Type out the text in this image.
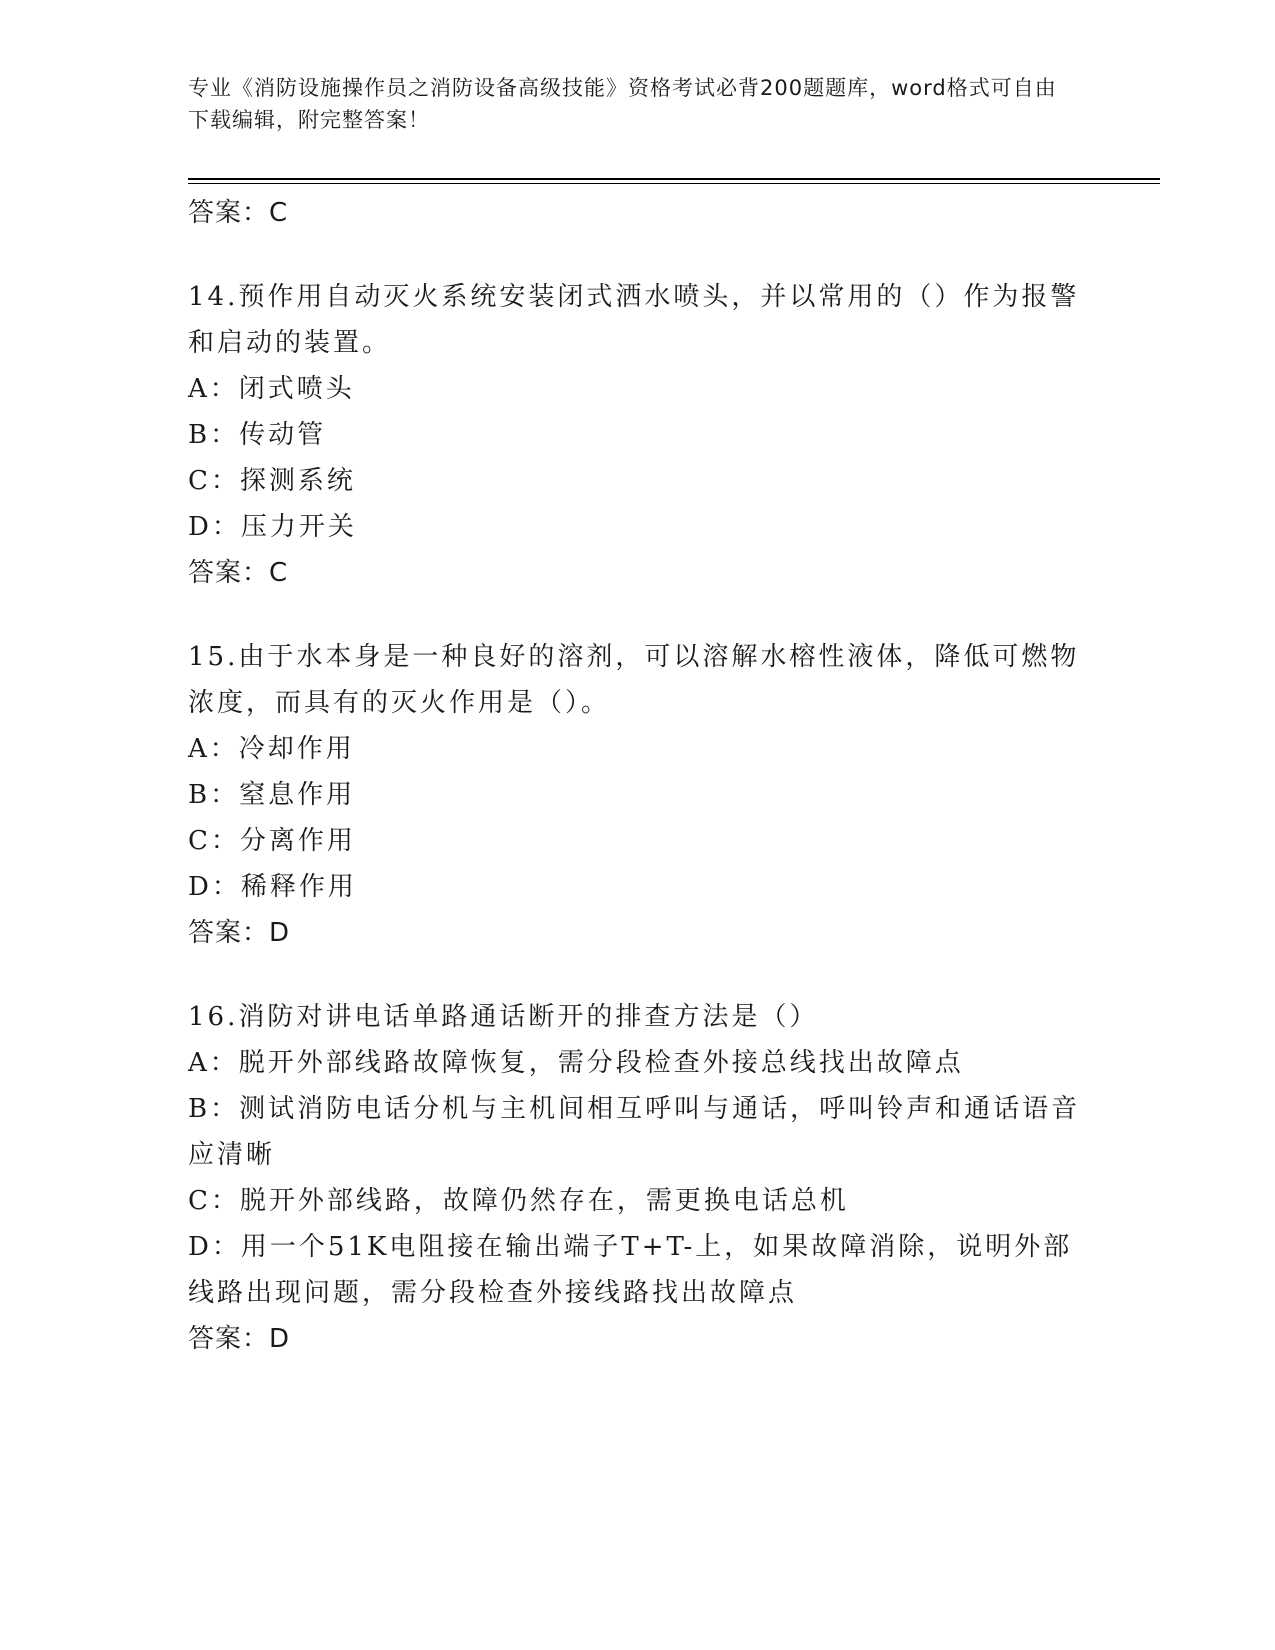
专业《消防设施操作员之消防设备高级技能》资格考试必背200题题库，word格式可自由下载编辑，附完整答案！
答案：C
14.预作用自动灭火系统安装闭式洒水喷头，并以常用的（）作为报警和启动的装置。
A：闭式喷头
B：传动管
C：探测系统
D：压力开关
答案：C
15.由于水本身是一种良好的溶剂，可以溶解水榕性液体，降低可燃物浓度，而具有的灭火作用是（）。
A：冷却作用
B：窒息作用
C：分离作用
D：稀释作用
答案：D
16.消防对讲电话单路通话断开的排查方法是（）
A：脱开外部线路故障恢复，需分段检查外接总线找出故障点
B：测试消防电话分机与主机间相互呼叫与通话，呼叫铃声和通话语音应清晰
C：脱开外部线路，故障仍然存在，需更换电话总机
D：用一个51K电阻接在输出端子T+T-上，如果故障消除，说明外部线路出现问题，需分段检查外接线路找出故障点
答案：D
